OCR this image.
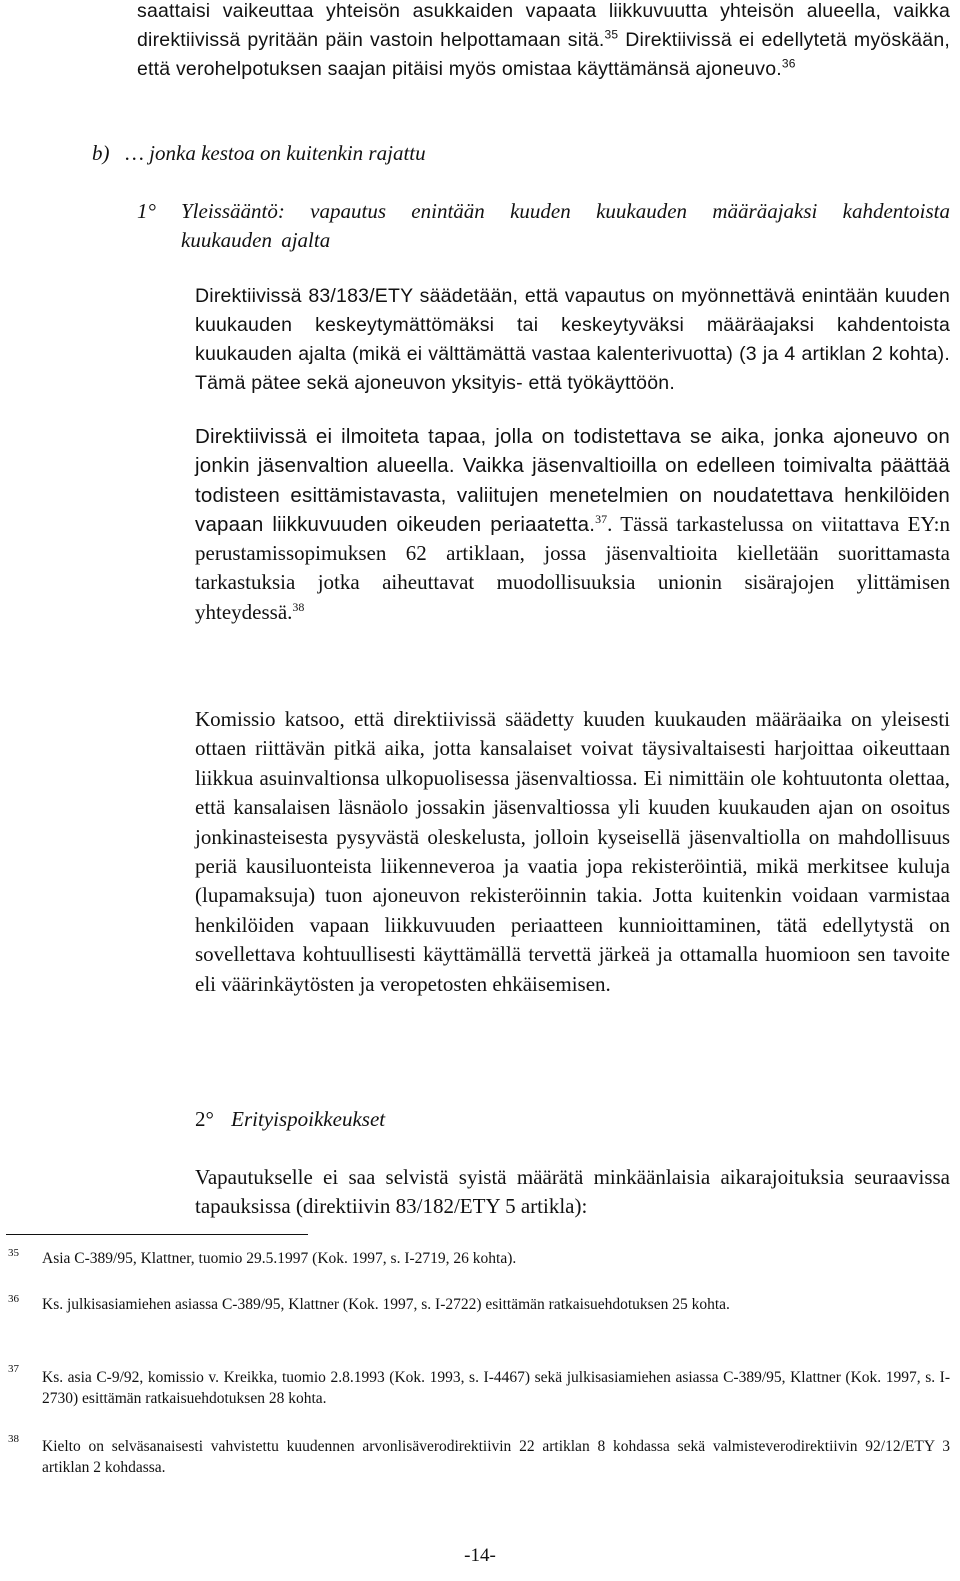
saattaisi vaikeuttaa yhteisön asukkaiden vapaata liikkuvuutta yhteisön alueella, vaikka direktiivissä pyritään päin vastoin helpottamaan sitä.$^{35}$ Direktiivissä ei edellytetä myöskään, että verohelpotuksen saajan pitäisi myös omistaa käyttämänsä ajoneuvo.$^{36}$
b)   … jonka kestoa on kuitenkin rajattu
1°	Yleissääntö: vapautus enintään kuuden kuukauden määräajaksi kahdentoista kuukauden ajalta
Direktiivissä 83/183/ETY säädetään, että vapautus on myönnettävä enintään kuuden kuukauden keskeytymättömäksi tai keskeytyväksi määräajaksi kahdentoista kuukauden ajalta (mikä ei välttämättä vastaa kalenterivuotta) (3 ja 4 artiklan 2 kohta). Tämä pätee sekä ajoneuvon yksityis- että työkäyttöön.
Direktiivissä ei ilmoiteta tapaa, jolla on todistettava se aika, jonka ajoneuvo on jonkin jäsenvaltion alueella. Vaikka jäsenvaltioilla on edelleen toimivalta päättää todisteen esittämistavasta, valiitujen menetelmien on noudatettava henkilöiden vapaan liikkuvuuden oikeuden periaatetta.$^{37}$. Tässä tarkastelussa on viitattava EY:n perustamissopimuksen 62 artiklaan, jossa jäsenvaltioita kielletään suorittamasta tarkastuksia jotka aiheuttavat muodollisuuksia unionin sisärajojen ylittämisen yhteydessä.$^{38}$
Komissio katsoo, että direktiivissä säädetty kuuden kuukauden määräaika on yleisesti ottaen riittävän pitkä aika, jotta kansalaiset voivat täysivaltaisesti harjoittaa oikeuttaan liikkua asuinvaltionsa ulkopuolisessa jäsenvaltiossa. Ei nimittäin ole kohtuutonta olettaa, että kansalaisen läsnäolo jossakin jäsenvaltiossa yli kuuden kuukauden ajan on osoitus jonkinasteisesta pysyvästä oleskelusta, jolloin kyseisellä jäsenvaltiolla on mahdollisuus periä kausiluonteista liikenneveroa ja vaatia jopa rekisteröintiä, mikä merkitsee kuluja (lupamaksuja) tuon ajoneuvon rekisteröinnin takia. Jotta kuitenkin voidaan varmistaa henkilöiden vapaan liikkuvuuden periaatteen kunnioittaminen, tätä edellytystä on sovellettava kohtuullisesti käyttämällä tervettä järkeä ja ottamalla huomioon sen tavoite eli väärinkäytösten ja veropetosten ehkäisemisen.
2° Erityispoikkeukset
Vapautukselle ei saa selvistä syistä määrätä minkäänlaisia aikarajoituksia seuraavissa tapauksissa (direktiivin 83/182/ETY 5 artikla):
35 Asia C-389/95, Klattner, tuomio 29.5.1997 (Kok. 1997, s. I-2719, 26 kohta).
36 Ks. julkisasiamiehen asiassa C-389/95, Klattner (Kok. 1997, s. I-2722) esittämän ratkaisuehdotuksen 25 kohta.
37 Ks. asia C-9/92, komissio v. Kreikka, tuomio 2.8.1993 (Kok. 1993, s. I-4467) sekä julkisasiamiehen asiassa C-389/95, Klattner (Kok. 1997, s. I-2730) esittämän ratkaisuehdotuksen 28 kohta.
38 Kielto on selväsanaisesti vahvistettu kuudennen arvonlisäverodirektiivin 22 artiklan 8 kohdassa sekä valmisteverodirektiivin 92/12/ETY 3 artiklan 2 kohdassa.
-14-
